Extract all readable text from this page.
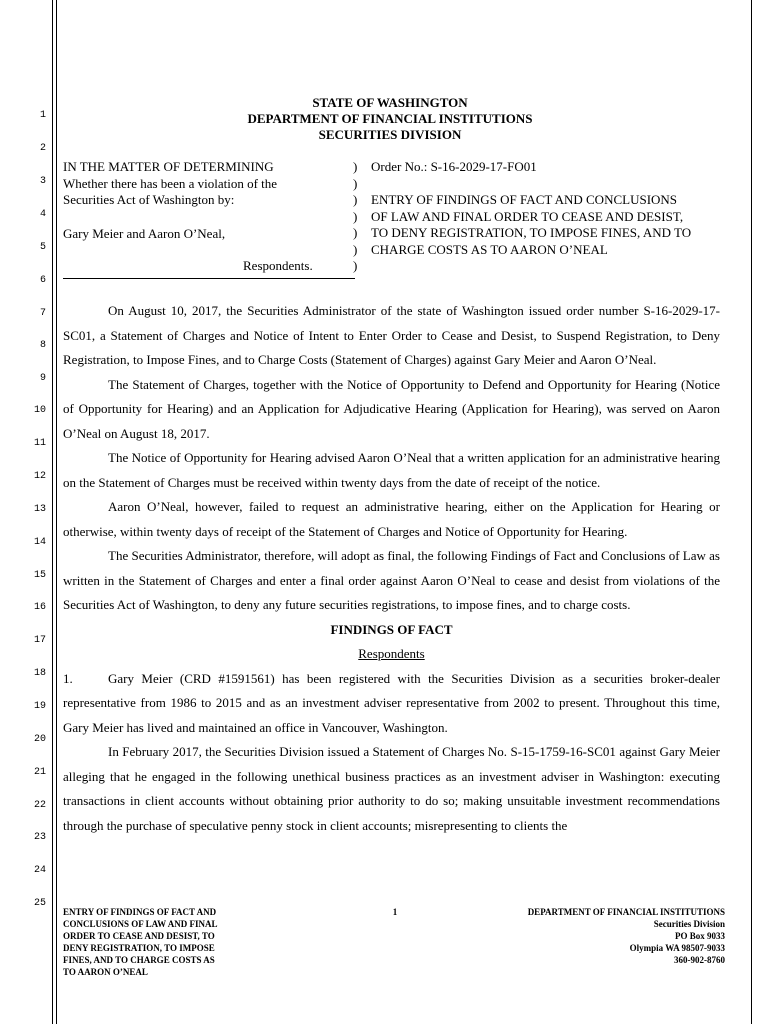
1
2
3
4
5
6
7
8
9
10
11
12
13
14
15
16
17
18
19
20
21
22
23
24
25
STATE OF WASHINGTON
DEPARTMENT OF FINANCIAL INSTITUTIONS
SECURITIES DIVISION
IN THE MATTER OF DETERMINING
Whether there has been a violation of the
Securities Act of Washington by:
Gary Meier and Aaron O’Neal,
Respondents.
)
)
)
)
)
)
)
Order No.: S-16-2029-17-FO01
ENTRY OF FINDINGS OF FACT AND CONCLUSIONS
OF LAW AND FINAL ORDER TO CEASE AND DESIST,
TO DENY REGISTRATION, TO IMPOSE FINES, AND TO
CHARGE COSTS AS TO AARON O’NEAL

On August 10, 2017, the Securities Administrator of the state of Washington issued order number S-16-2029-17-SC01, a Statement of Charges and Notice of Intent to Enter Order to Cease and Desist, to Suspend Registration, to Deny Registration, to Impose Fines, and to Charge Costs (Statement of Charges) against Gary Meier and Aaron O’Neal.

The Statement of Charges, together with the Notice of Opportunity to Defend and Opportunity for Hearing (Notice of Opportunity for Hearing) and an Application for Adjudicative Hearing (Application for Hearing), was served on Aaron O’Neal on August 18, 2017.

The Notice of Opportunity for Hearing advised Aaron O’Neal that a written application for an administrative hearing on the Statement of Charges must be received within twenty days from the date of receipt of the notice.

Aaron O’Neal, however, failed to request an administrative hearing, either on the Application for Hearing or otherwise, within twenty days of receipt of the Statement of Charges and Notice of Opportunity for Hearing.

The Securities Administrator, therefore, will adopt as final, the following Findings of Fact and Conclusions of Law as written in the Statement of Charges and enter a final order against Aaron O’Neal to cease and desist from violations of the Securities Act of Washington, to deny any future securities registrations, to impose fines, and to charge costs.

FINDINGS OF FACT

Respondents

1.	Gary Meier (CRD #1591561) has been registered with the Securities Division as a securities broker-dealer representative from 1986 to 2015 and as an investment adviser representative from 2002 to present. Throughout this time, Gary Meier has lived and maintained an office in Vancouver, Washington.

In February 2017, the Securities Division issued a Statement of Charges No. S-15-1759-16-SC01 against Gary Meier alleging that he engaged in the following unethical business practices as an investment adviser in Washington: executing transactions in client accounts without obtaining prior authority to do so; making unsuitable investment recommendations through the purchase of speculative penny stock in client accounts; misrepresenting to clients the

ENTRY OF FINDINGS OF FACT AND
CONCLUSIONS OF LAW AND FINAL
ORDER TO CEASE AND DESIST, TO
DENY REGISTRATION, TO IMPOSE
FINES, AND TO CHARGE COSTS AS
TO AARON O’NEAL
1	DEPARTMENT OF FINANCIAL INSTITUTIONS
Securities Division
PO Box 9033
Olympia WA 98507-9033
360-902-8760
